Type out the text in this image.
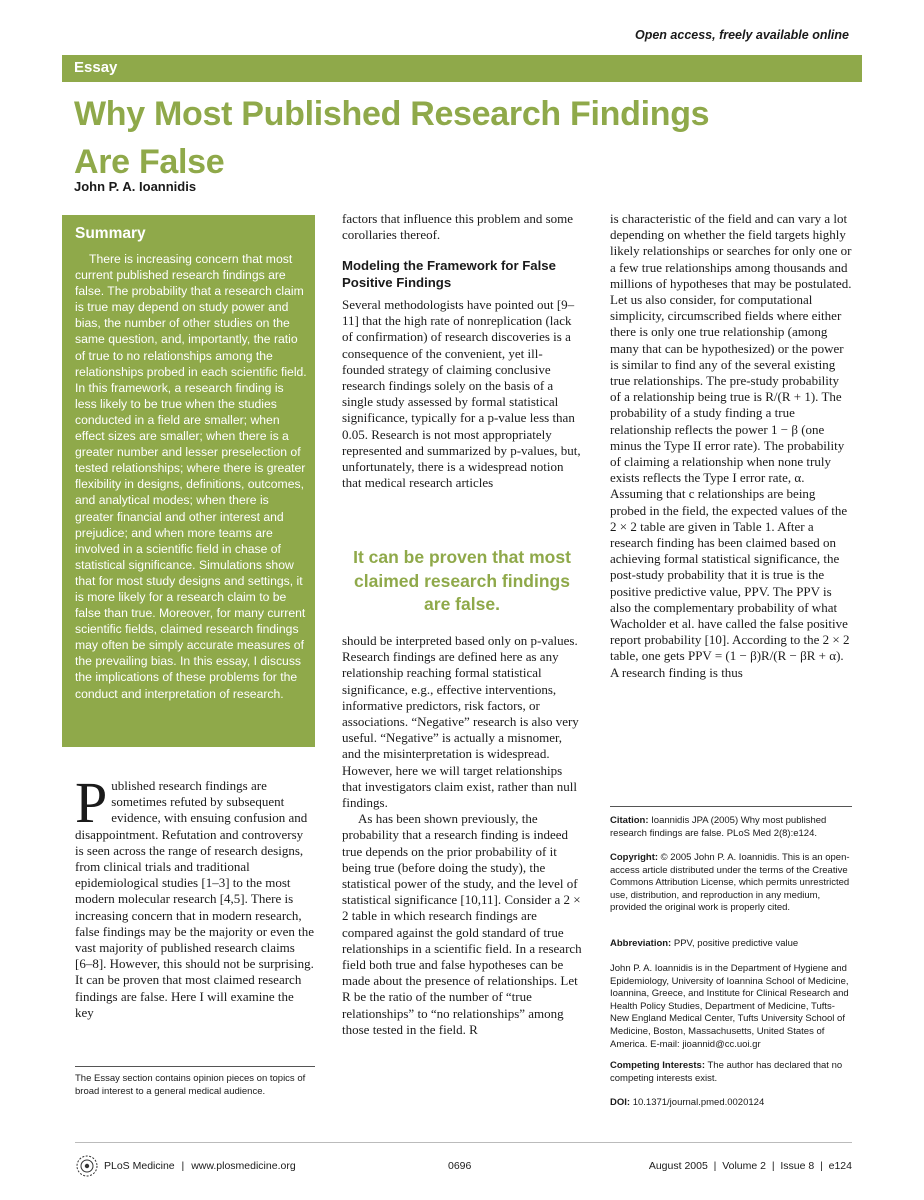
Open access, freely available online
Essay
Why Most Published Research Findings
Are False
John P. A. Ioannidis
Summary
There is increasing concern that most current published research findings are false. The probability that a research claim is true may depend on study power and bias, the number of other studies on the same question, and, importantly, the ratio of true to no relationships among the relationships probed in each scientific field. In this framework, a research finding is less likely to be true when the studies conducted in a field are smaller; when effect sizes are smaller; when there is a greater number and lesser preselection of tested relationships; where there is greater flexibility in designs, definitions, outcomes, and analytical modes; when there is greater financial and other interest and prejudice; and when more teams are involved in a scientific field in chase of statistical significance. Simulations show that for most study designs and settings, it is more likely for a research claim to be false than true. Moreover, for many current scientific fields, claimed research findings may often be simply accurate measures of the prevailing bias. In this essay, I discuss the implications of these problems for the conduct and interpretation of research.
Published research findings are sometimes refuted by subsequent evidence, with ensuing confusion and disappointment. Refutation and controversy is seen across the range of research designs, from clinical trials and traditional epidemiological studies [1–3] to the most modern molecular research [4,5]. There is increasing concern that in modern research, false findings may be the majority or even the vast majority of published research claims [6–8]. However, this should not be surprising. It can be proven that most claimed research findings are false. Here I will examine the key
The Essay section contains opinion pieces on topics of broad interest to a general medical audience.
factors that influence this problem and some corollaries thereof.
Modeling the Framework for False Positive Findings
Several methodologists have pointed out [9–11] that the high rate of nonreplication (lack of confirmation) of research discoveries is a consequence of the convenient, yet ill-founded strategy of claiming conclusive research findings solely on the basis of a single study assessed by formal statistical significance, typically for a p-value less than 0.05. Research is not most appropriately represented and summarized by p-values, but, unfortunately, there is a widespread notion that medical research articles
It can be proven that most claimed research findings are false.

should be interpreted based only on p-values. Research findings are defined here as any relationship reaching formal statistical significance, e.g., effective interventions, informative predictors, risk factors, or associations. “Negative” research is also very useful. “Negative” is actually a misnomer, and the misinterpretation is widespread. However, here we will target relationships that investigators claim exist, rather than null findings.

As has been shown previously, the probability that a research finding is indeed true depends on the prior probability of it being true (before doing the study), the statistical power of the study, and the level of statistical significance [10,11]. Consider a 2 × 2 table in which research findings are compared against the gold standard of true relationships in a scientific field. In a research field both true and false hypotheses can be made about the presence of relationships. Let R be the ratio of the number of “true relationships” to “no relationships” among those tested in the field. R

is characteristic of the field and can vary a lot depending on whether the field targets highly likely relationships or searches for only one or a few true relationships among thousands and millions of hypotheses that may be postulated. Let us also consider, for computational simplicity, circumscribed fields where either there is only one true relationship (among many that can be hypothesized) or the power is similar to find any of the several existing true relationships. The pre-study probability of a relationship being true is R/(R + 1). The probability of a study finding a true relationship reflects the power 1 − β (one minus the Type II error rate). The probability of claiming a relationship when none truly exists reflects the Type I error rate, α. Assuming that c relationships are being probed in the field, the expected values of the 2 × 2 table are given in Table 1. After a research finding has been claimed based on achieving formal statistical significance, the post-study probability that it is true is the positive predictive value, PPV. The PPV is also the complementary probability of what Wacholder et al. have called the false positive report probability [10]. According to the 2 × 2 table, one gets PPV = (1 − β)R/(R − βR + α). A research finding is thus
Citation: Ioannidis JPA (2005) Why most published research findings are false. PLoS Med 2(8):e124.
Copyright: © 2005 John P. A. Ioannidis. This is an open-access article distributed under the terms of the Creative Commons Attribution License, which permits unrestricted use, distribution, and reproduction in any medium, provided the original work is properly cited.
Abbreviation: PPV, positive predictive value
John P. A. Ioannidis is in the Department of Hygiene and Epidemiology, University of Ioannina School of Medicine, Ioannina, Greece, and Institute for Clinical Research and Health Policy Studies, Department of Medicine, Tufts-New England Medical Center, Tufts University School of Medicine, Boston, Massachusetts, United States of America. E-mail: jioannid@cc.uoi.gr
Competing Interests: The author has declared that no competing interests exist.
DOI: 10.1371/journal.pmed.0020124
PLoS Medicine | www.plosmedicine.org	0696	August 2005  |  Volume 2  |  Issue 8  |  e124
